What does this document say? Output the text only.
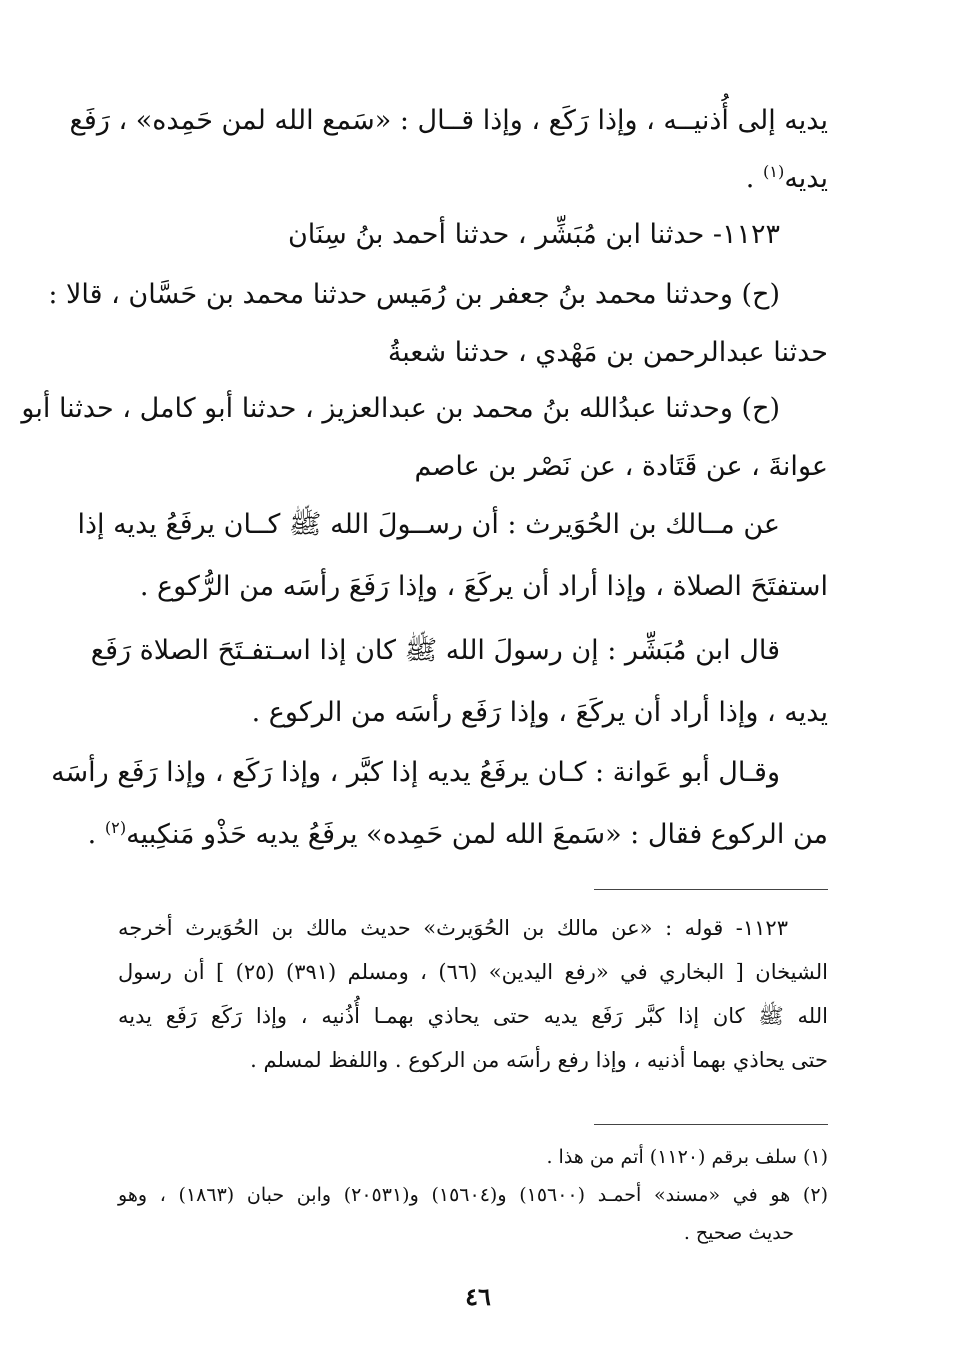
يديه إلى أُذنيــه ، وإذا رَكَع ، وإذا قــال : «سَمع الله لمن حَمِده» ، رَفَع
يديه$^{(١)}$ .
١١٢٣- حدثنا ابن مُبَشِّر ، حدثنا أحمد بنُ سِنَان
(ح) وحدثنا محمد بنُ جعفر بن رُمَيس حدثنا محمد بن حَسَّان ، قالا :
حدثنا عبدالرحمن بن مَهْدي ، حدثنا شعبةُ
(ح) وحدثنا عبدُالله بنُ محمد بن عبدالعزيز ، حدثنا أبو كامل ، حدثنا أبو
عوانةَ ، عن قَتَادة ، عن نَصْر بن عاصم
عن مــالك بن الحُوَيرث : أن رســولَ الله ﷺ كــان يرفَعُ يديه إذا
استفتَحَ الصلاة ، وإذا أراد أن يركَعَ ، وإذا رَفَعَ رأسَه من الرُّكوع .
قال ابن مُبَشِّر : إن رسولَ الله ﷺ كان إذا اسـتفـتَحَ الصلاة رَفَع
يديه ، وإذا أراد أن يركَعَ ، وإذا رَفَع رأسَه من الركوع .
وقـال أبو عَوانة : كـان يرفَعُ يديه إذا كبَّر ، وإذا رَكَع ، وإذا رَفَع رأسَه
من الركوع فقال : «سَمعَ الله لمن حَمِده» يرفَعُ يديه حَذْو مَنكِبيه$^{(٢)}$ .
١١٢٣- قوله : «عن مالك بن الحُوَيرث» حديث مالك بن الحُوَيرث أخرجه
الشيخان [ البخاري في «رفع اليدين» (٦٦) ، ومسلم (٣٩١) (٢٥) ] أن رسول
الله ﷺ كان إذا كبَّر رَفَع يديه حتى يحاذي بهمـا أُذُنيه ، وإذا رَكَع رَفَع يديه
حتى يحاذي بهما أذنيه ، وإذا رفع رأسَه من الركوع . واللفظ لمسلم .
(١) سلف برقم (١١٢٠) أتم من هذا .
(٢) هو في «مسند» أحمـد (١٥٦٠٠) و(١٥٦٠٤) و(٢٠٥٣١) وابن حبان (١٨٦٣) ، وهو
حديث صحيح .
٤٦
